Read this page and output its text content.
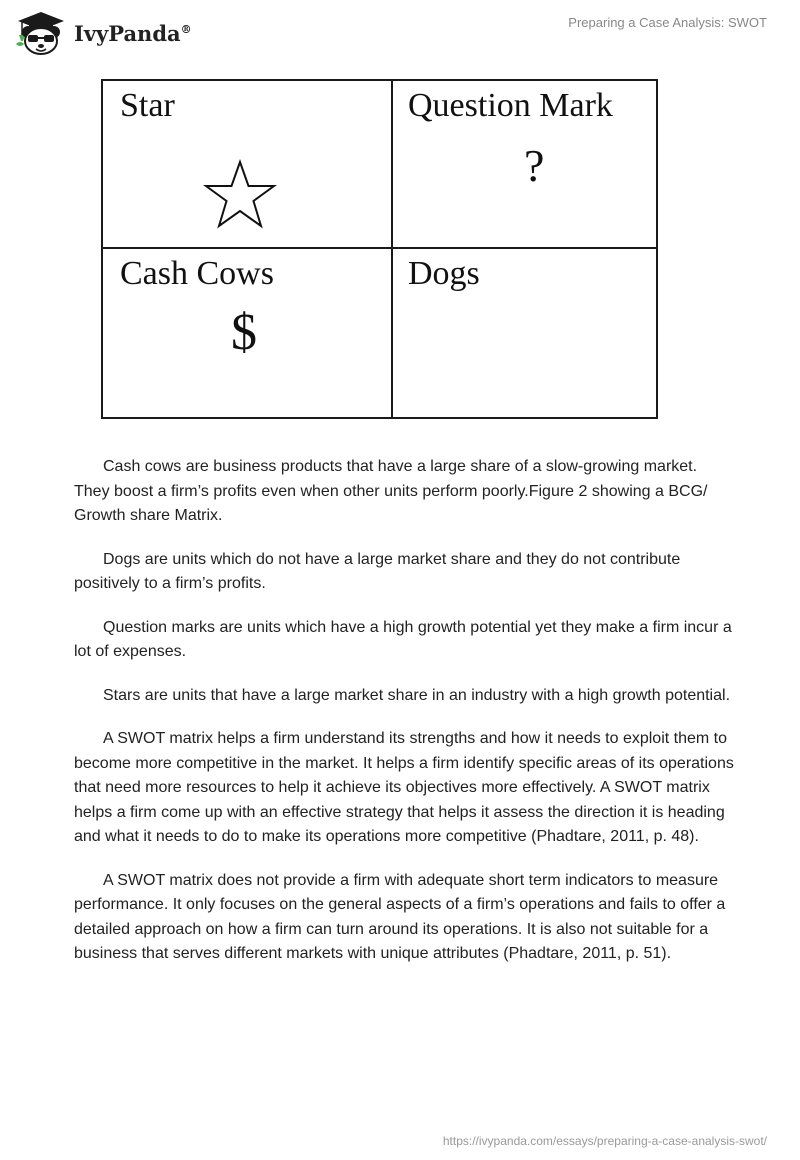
IvyPanda®	Preparing a Case Analysis: SWOT
Star	Question Mark
?
Cash Cows
$
Dogs

Cash cows are business products that have a large share of a slow-growing market. They boost a firm’s profits even when other units perform poorly.Figure 2 showing a BCG/ Growth share Matrix.

Dogs are units which do not have a large market share and they do not contribute positively to a firm’s profits.

Question marks are units which have a high growth potential yet they make a firm incur a lot of expenses.

Stars are units that have a large market share in an industry with a high growth potential.

A SWOT matrix helps a firm understand its strengths and how it needs to exploit them to become more competitive in the market. It helps a firm identify specific areas of its operations that need more resources to help it achieve its objectives more effectively. A SWOT matrix helps a firm come up with an effective strategy that helps it assess the direction it is heading and what it needs to do to make its operations more competitive (Phadtare, 2011, p. 48).

A SWOT matrix does not provide a firm with adequate short term indicators to measure performance. It only focuses on the general aspects of a firm’s operations and fails to offer a detailed approach on how a firm can turn around its operations. It is also not suitable for a business that serves different markets with unique attributes (Phadtare, 2011, p. 51).

https://ivypanda.com/essays/preparing-a-case-analysis-swot/
